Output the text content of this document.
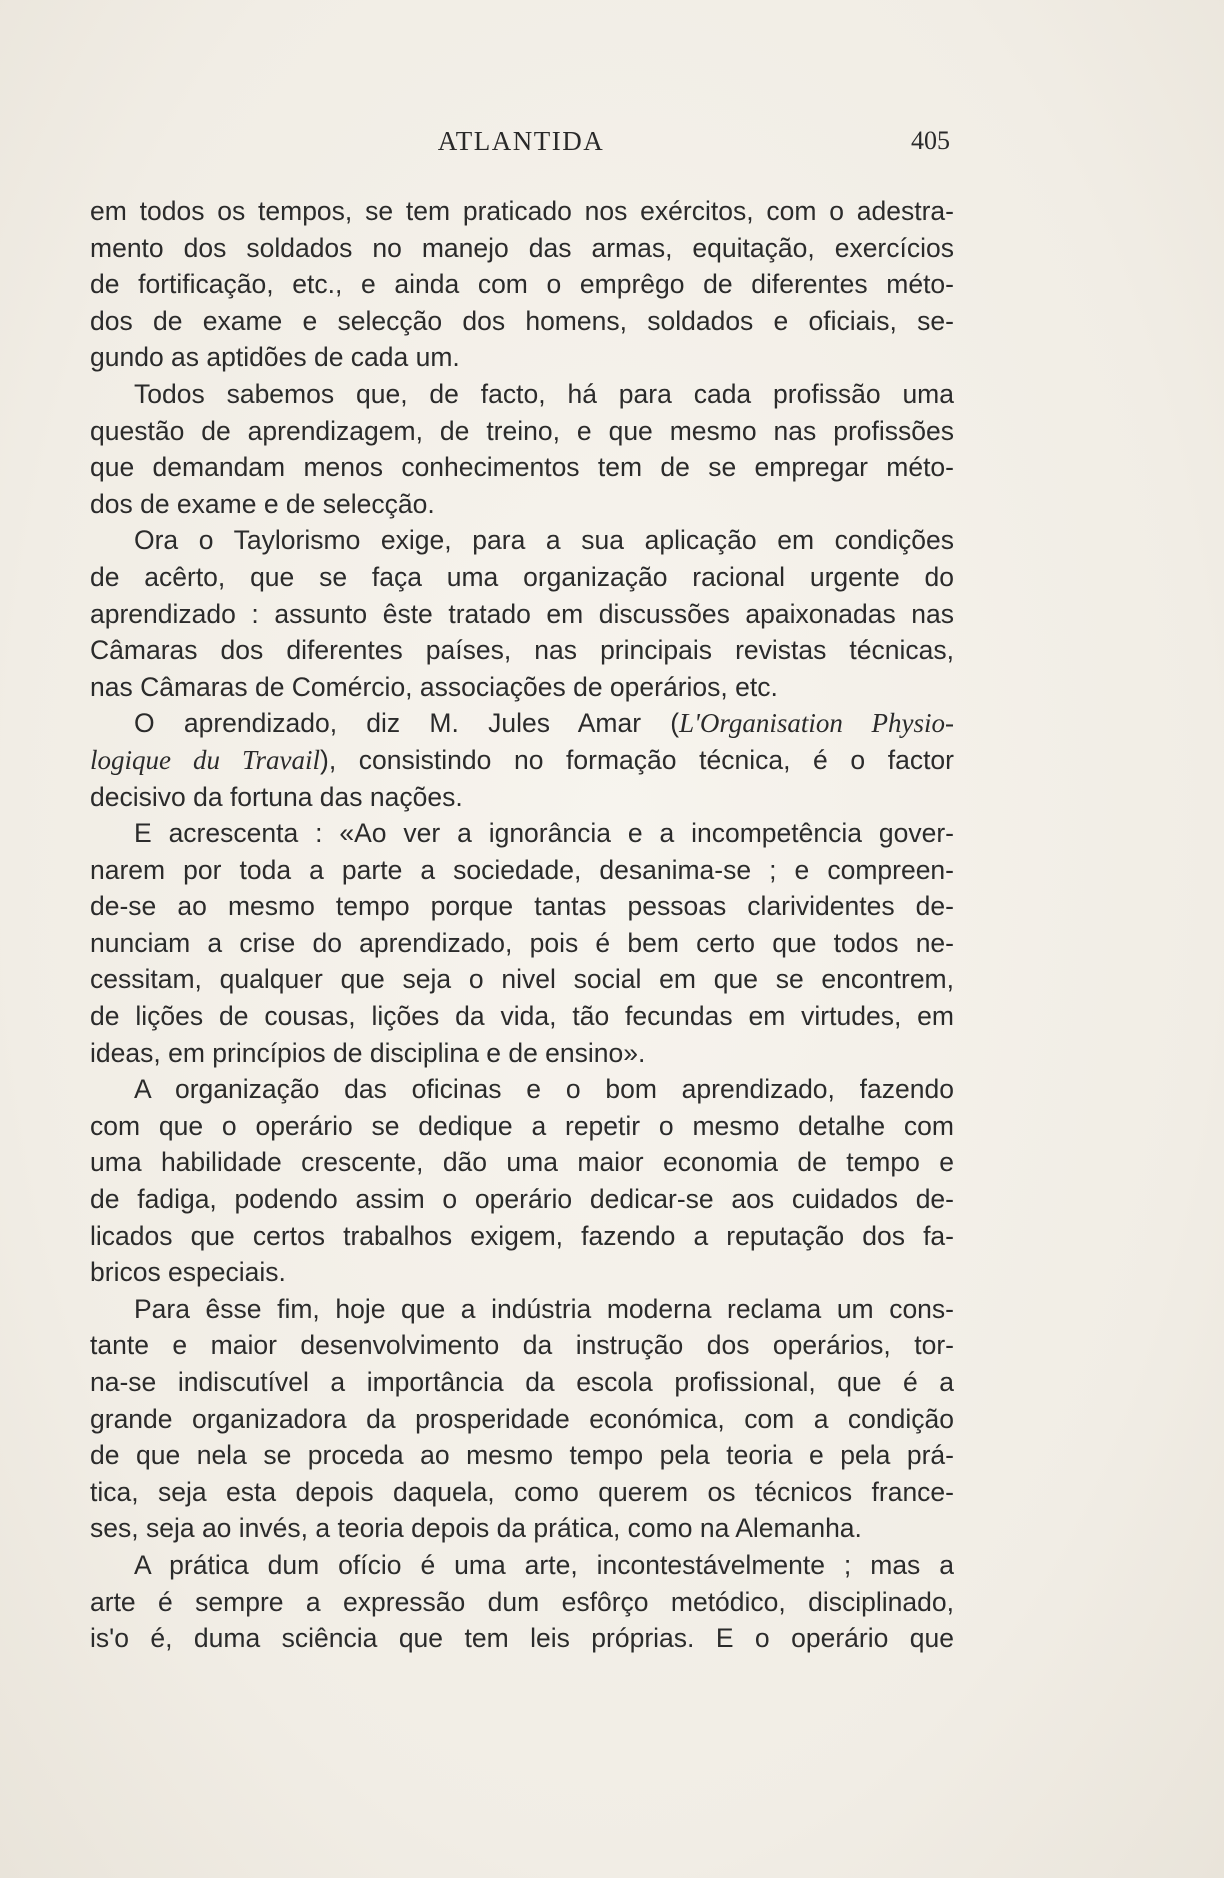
ATLANTIDA	405
em todos os tempos, se tem praticado nos exércitos, com o adestra-
mento dos soldados no manejo das armas, equitação, exercícios
de fortificação, etc., e ainda com o emprêgo de diferentes méto-
dos de exame e selecção dos homens, soldados e oficiais, se-
gundo as aptidões de cada um.
Todos sabemos que, de facto, há para cada profissão uma
questão de aprendizagem, de treino, e que mesmo nas profissões
que demandam menos conhecimentos tem de se empregar méto-
dos de exame e de selecção.
Ora o Taylorismo exige, para a sua aplicação em condições
de acêrto, que se faça uma organização racional urgente do
aprendizado : assunto êste tratado em discussões apaixonadas nas
Câmaras dos diferentes países, nas principais revistas técnicas,
nas Câmaras de Comércio, associações de operários, etc.
O aprendizado, diz M. Jules Amar (L'Organisation Physio-
logique du Travail), consistindo no formação técnica, é o factor
decisivo da fortuna das nações.
E acrescenta : «Ao ver a ignorância e a incompetência gover-
narem por toda a parte a sociedade, desanima-se ; e compreen-
de-se ao mesmo tempo porque tantas pessoas clarividentes de-
nunciam a crise do aprendizado, pois é bem certo que todos ne-
cessitam, qualquer que seja o nivel social em que se encontrem,
de lições de cousas, lições da vida, tão fecundas em virtudes, em
ideas, em princípios de disciplina e de ensino».
A organização das oficinas e o bom aprendizado, fazendo
com que o operário se dedique a repetir o mesmo detalhe com
uma habilidade crescente, dão uma maior economia de tempo e
de fadiga, podendo assim o operário dedicar-se aos cuidados de-
licados que certos trabalhos exigem, fazendo a reputação dos fa-
bricos especiais.
Para êsse fim, hoje que a indústria moderna reclama um cons-
tante e maior desenvolvimento da instrução dos operários, tor-
na-se indiscutível a importância da escola profissional, que é a
grande organizadora da prosperidade económica, com a condição
de que nela se proceda ao mesmo tempo pela teoria e pela prá-
tica, seja esta depois daquela, como querem os técnicos france-
ses, seja ao invés, a teoria depois da prática, como na Alemanha.
A prática dum ofício é uma arte, incontestávelmente ; mas a
arte é sempre a expressão dum esfôrço metódico, disciplinado,
is'o é, duma sciência que tem leis próprias. E o operário que
